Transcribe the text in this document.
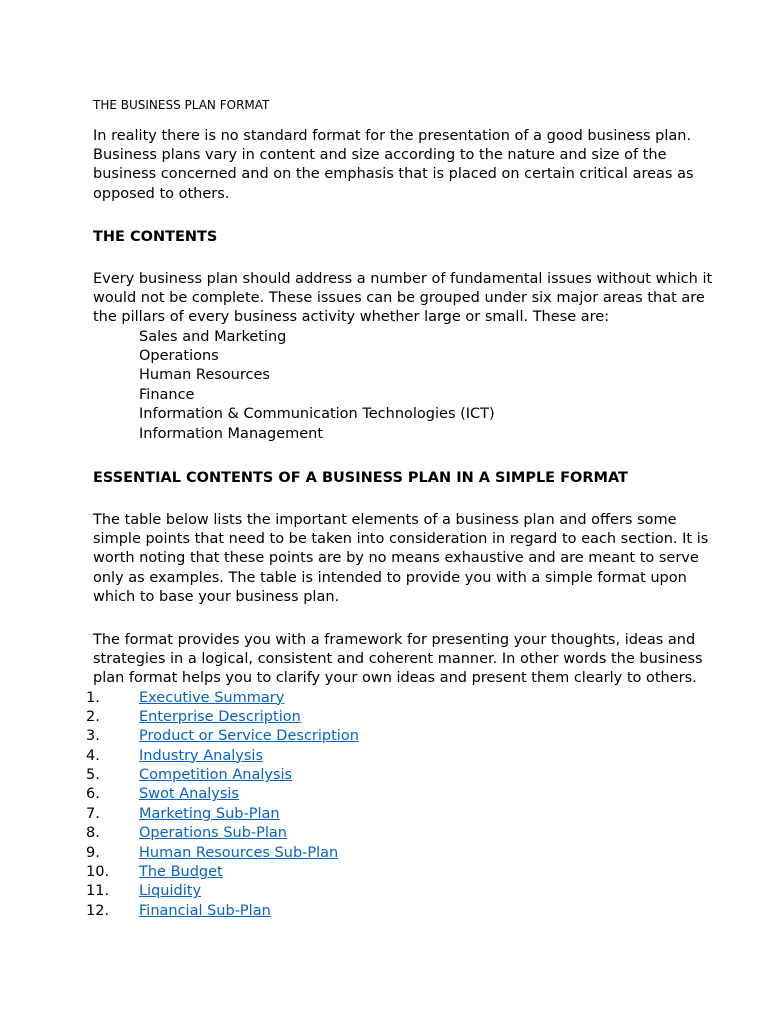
THE BUSINESS PLAN FORMAT
In reality there is no standard format for the presentation of a good business plan.
Business plans vary in content and size according to the nature and size of the
business concerned and on the emphasis that is placed on certain critical areas as
opposed to others.
THE CONTENTS
Every business plan should address a number of fundamental issues without which it
would not be complete. These issues can be grouped under six major areas that are
the pillars of every business activity whether large or small. These are:
Sales and Marketing
Operations
Human Resources
Finance
Information & Communication Technologies (ICT)
Information Management
ESSENTIAL CONTENTS OF A BUSINESS PLAN IN A SIMPLE FORMAT
The table below lists the important elements of a business plan and offers some
simple points that need to be taken into consideration in regard to each section. It is
worth noting that these points are by no means exhaustive and are meant to serve
only as examples. The table is intended to provide you with a simple format upon
which to base your business plan.
The format provides you with a framework for presenting your thoughts, ideas and
strategies in a logical, consistent and coherent manner. In other words the business
plan format helps you to clarify your own ideas and present them clearly to others.
1.	Executive Summary
2.	Enterprise Description
3.	Product or Service Description
4.	Industry Analysis
5.	Competition Analysis
6.	Swot Analysis
7.	Marketing Sub-Plan
8.	Operations Sub-Plan
9.	Human Resources Sub-Plan
10.	The Budget
11.	Liquidity
12.	Financial Sub-Plan
